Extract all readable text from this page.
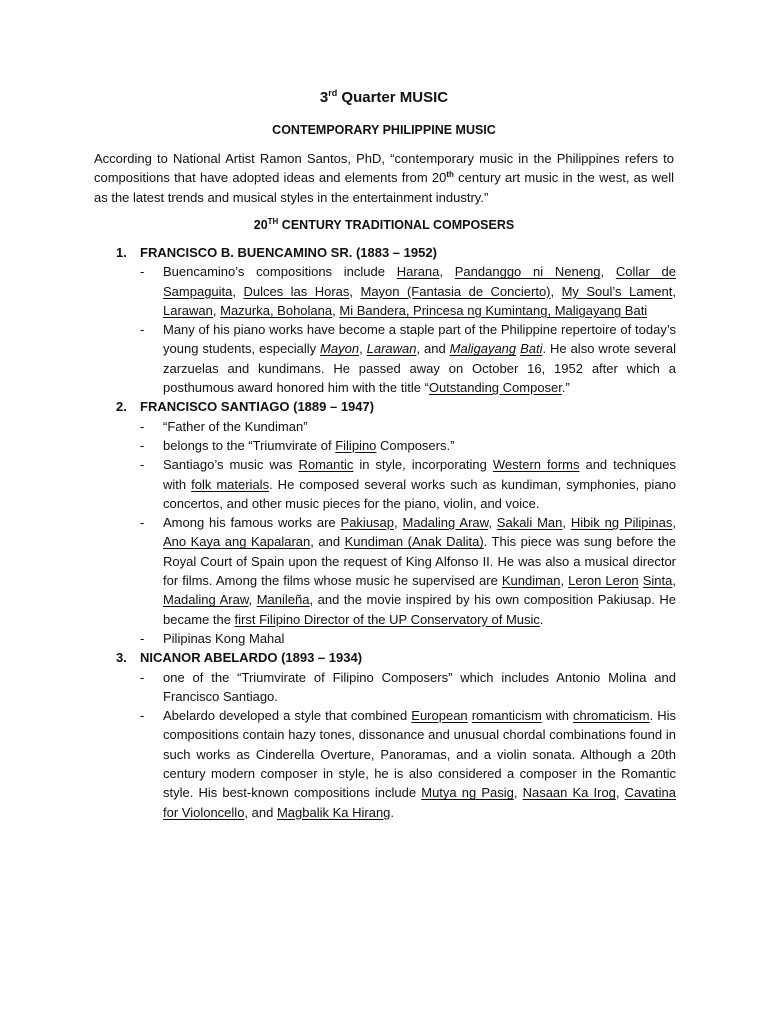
3rd Quarter MUSIC
CONTEMPORARY PHILIPPINE MUSIC

According to National Artist Ramon Santos, PhD, “contemporary music in the Philippines refers to compositions that have adopted ideas and elements from 20th century art music in the west, as well as the latest trends and musical styles in the entertainment industry.”

20TH CENTURY TRADITIONAL COMPOSERS
1. FRANCISCO B. BUENCAMINO SR. (1883 – 1952)
- Buencamino’s compositions include Harana, Pandanggo ni Neneng, Collar de Sampaguita, Dulces las Horas, Mayon (Fantasia de Concierto), My Soul’s Lament, Larawan, Mazurka, Boholana, Mi Bandera, Princesa ng Kumintang, Maligayang Bati
- Many of his piano works have become a staple part of the Philippine repertoire of today’s young students, especially Mayon, Larawan, and Maligayang Bati. He also wrote several zarzuelas and kundimans. He passed away on October 16, 1952 after which a posthumous award honored him with the title “Outstanding Composer.”
2. FRANCISCO SANTIAGO (1889 – 1947)
- “Father of the Kundiman”
- belongs to the “Triumvirate of Filipino Composers.”
- Santiago’s music was Romantic in style, incorporating Western forms and techniques with folk materials. He composed several works such as kundiman, symphonies, piano concertos, and other music pieces for the piano, violin, and voice.
- Among his famous works are Pakiusap, Madaling Araw, Sakali Man, Hibik ng Pilipinas, Ano Kaya ang Kapalaran, and Kundiman (Anak Dalita). This piece was sung before the Royal Court of Spain upon the request of King Alfonso II. He was also a musical director for films. Among the films whose music he supervised are Kundiman, Leron Leron Sinta, Madaling Araw, Manileña, and the movie inspired by his own composition Pakiusap. He became the first Filipino Director of the UP Conservatory of Music.
- Pilipinas Kong Mahal
3. NICANOR ABELARDO (1893 – 1934)
- one of the “Triumvirate of Filipino Composers” which includes Antonio Molina and Francisco Santiago.
- Abelardo developed a style that combined European romanticism with chromaticism. His compositions contain hazy tones, dissonance and unusual chordal combinations found in such works as Cinderella Overture, Panoramas, and a violin sonata. Although a 20th century modern composer in style, he is also considered a composer in the Romantic style. His best-known compositions include Mutya ng Pasig, Nasaan Ka Irog, Cavatina for Violoncello, and Magbalik Ka Hirang.
